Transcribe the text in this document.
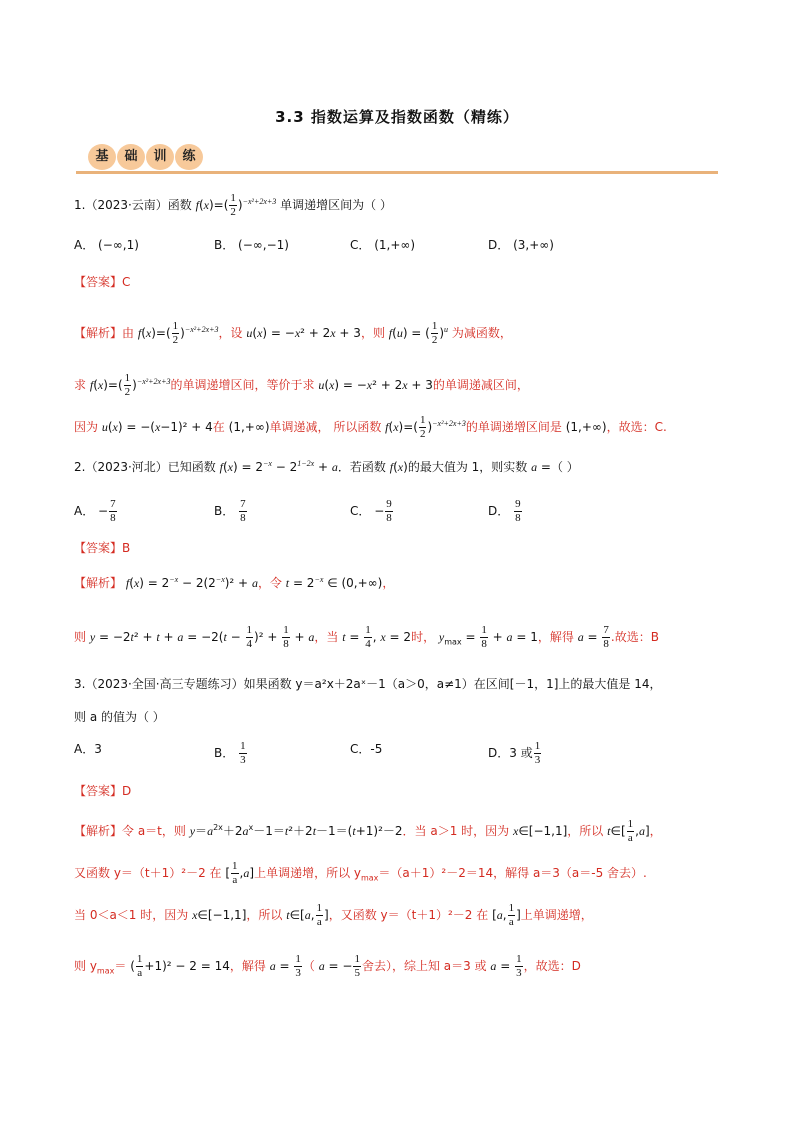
3.3 指数运算及指数函数（精练）
基 础 训 练
1.（2023·云南）函数 $f(x)=( \frac{1}{2} )^{-x^2+2x+3}$ 单调递增区间为（ ）
A． (−∞,1)	B． (−∞,−1)	C． (1,+∞)	D． (3,+∞)
【答案】C
【解析】由 $f(x)=( \frac{1}{2} )^{-x^2+2x+3}$，设 u(x) = −x² + 2x + 3，则 f(u) = ( $\frac{1}{2} )^u$ 为减函数，
求 $f(x)=( \frac{1}{2} )^{-x^2+2x+3}$的单调递增区间，等价于求 u(x) = −x² + 2x + 3的单调递减区间，
因为 u(x) = −(x−1)² + 4在 (1,+∞)单调递减， 所以函数 $f(x)=( \frac{1}{2} )^{-x^2+2x+3}$的单调递增区间是 (1,+∞)，故选：C.
2.（2023·河北）已知函数 $f(x) = 2^{-x} - 2^{1-2x} + a$．若函数 f(x)的最大值为 1，则实数 a =（ ）
A． − $\frac{7}{8}$	B． $\frac{7}{8}$	C． − $\frac{9}{8}$	D． $\frac{9}{8}$
【答案】B
【解析】 $f(x) = 2^{-x} - 2(2^{-x})^2 + a$，令 $t = 2^{-x}$ ∈ (0,+∞)，
则 $y = -2t^2 + t + a = -2(t - \frac{1}{4} )^2 + \frac{1}{8} + a$，当 $t = \frac{1}{4}$ , x = 2时， $y_{max} = \frac{1}{8} + a = 1$，解得 $a = \frac{7}{8}$ .故选：B
3.（2023·全国·高三专题练习）如果函数 y＝a²x＋2aˣ－1（a＞0，a≠1）在区间[－1，1]上的最大值是 14，
则 a 的值为（ ）
A．3	B． $\frac{1}{3}$	C．-5	D．3 或 $\frac{1}{3}$
【答案】D
【解析】令 a＝t，则 $y=a^{2x}+2a^x-1=t^2+2t-1=(t+1)^2-2$．当 a＞1 时，因为 x∈[−1,1]，所以 t∈[ $\frac{1}{a} ,a$]，
又函数 y＝（t＋1）²－2 在 [ $\frac{1}{a} ,a$]上单调递增，所以 $y_{max}=(a+1)^2-2=14$，解得 a＝3（a＝-5 舍去）.
当 0＜a＜1 时，因为 x∈[−1,1]，所以 t∈[a, $\frac{1}{a}$ ]，又函数 y＝（t＋1）²－2 在 [a, $\frac{1}{a}$ ]上单调递增，
则 $y_{max}=$ ( $\frac{1}{a} +1)^2 - 2 = 14$，解得 $a = \frac{1}{3}$ （ a = − $\frac{1}{5}$ 舍去），综上知 a＝3 或 $a = \frac{1}{3}$ ，故选：D
